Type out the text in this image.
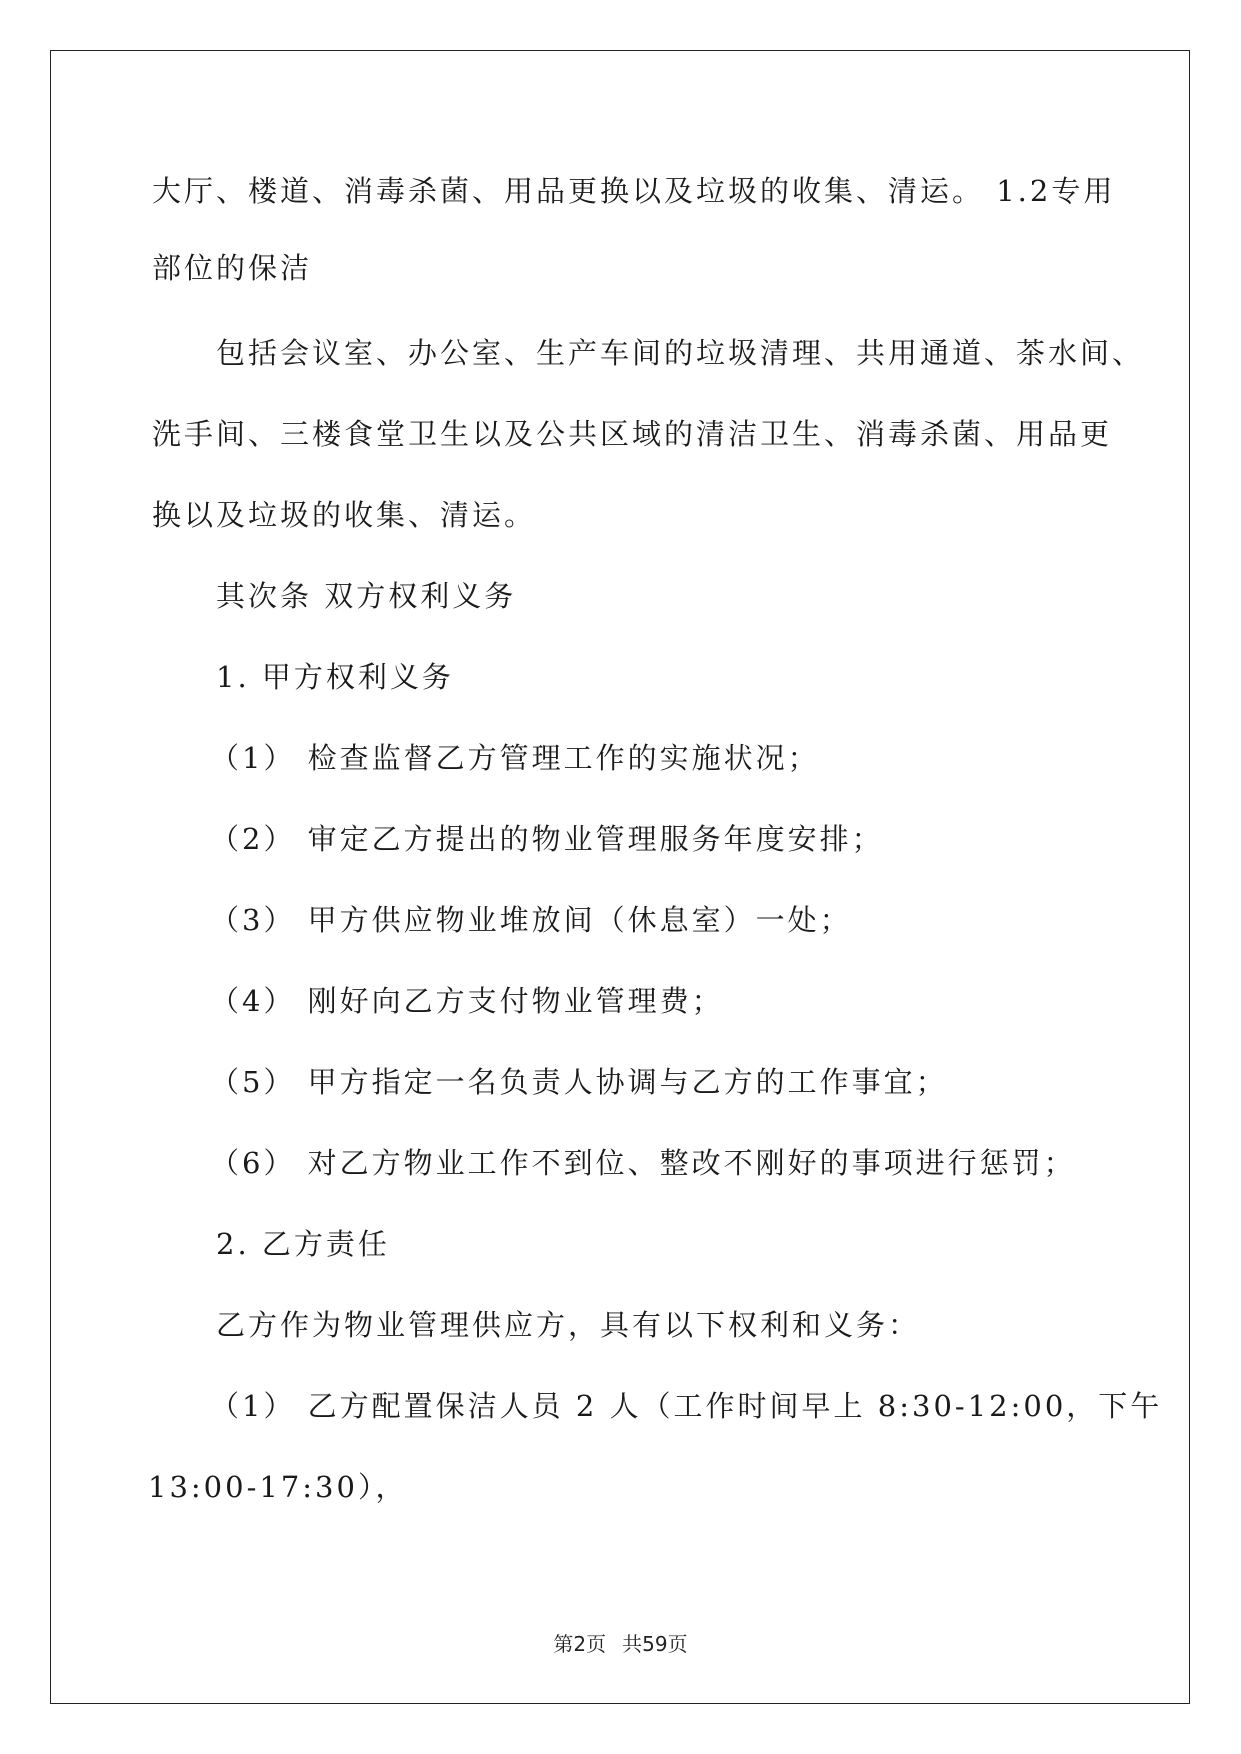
大厅、楼道、消毒杀菌、用品更换以及垃圾的收集、清运。 1.2专用
部位的保洁
包括会议室、办公室、生产车间的垃圾清理、共用通道、茶水间、
洗手间、三楼食堂卫生以及公共区域的清洁卫生、消毒杀菌、用品更
换以及垃圾的收集、清运。
其次条 双方权利义务
1. 甲方权利义务
（1） 检查监督乙方管理工作的实施状况；
（2） 审定乙方提出的物业管理服务年度安排；
（3） 甲方供应物业堆放间（休息室）一处；
（4） 刚好向乙方支付物业管理费；
（5） 甲方指定一名负责人协调与乙方的工作事宜；
（6） 对乙方物业工作不到位、整改不刚好的事项进行惩罚；
2. 乙方责任
乙方作为物业管理供应方，具有以下权利和义务：
（1） 乙方配置保洁人员 2 人（工作时间早上 8:30-12:00，下午
13:00-17:30），
第2页 共59页
